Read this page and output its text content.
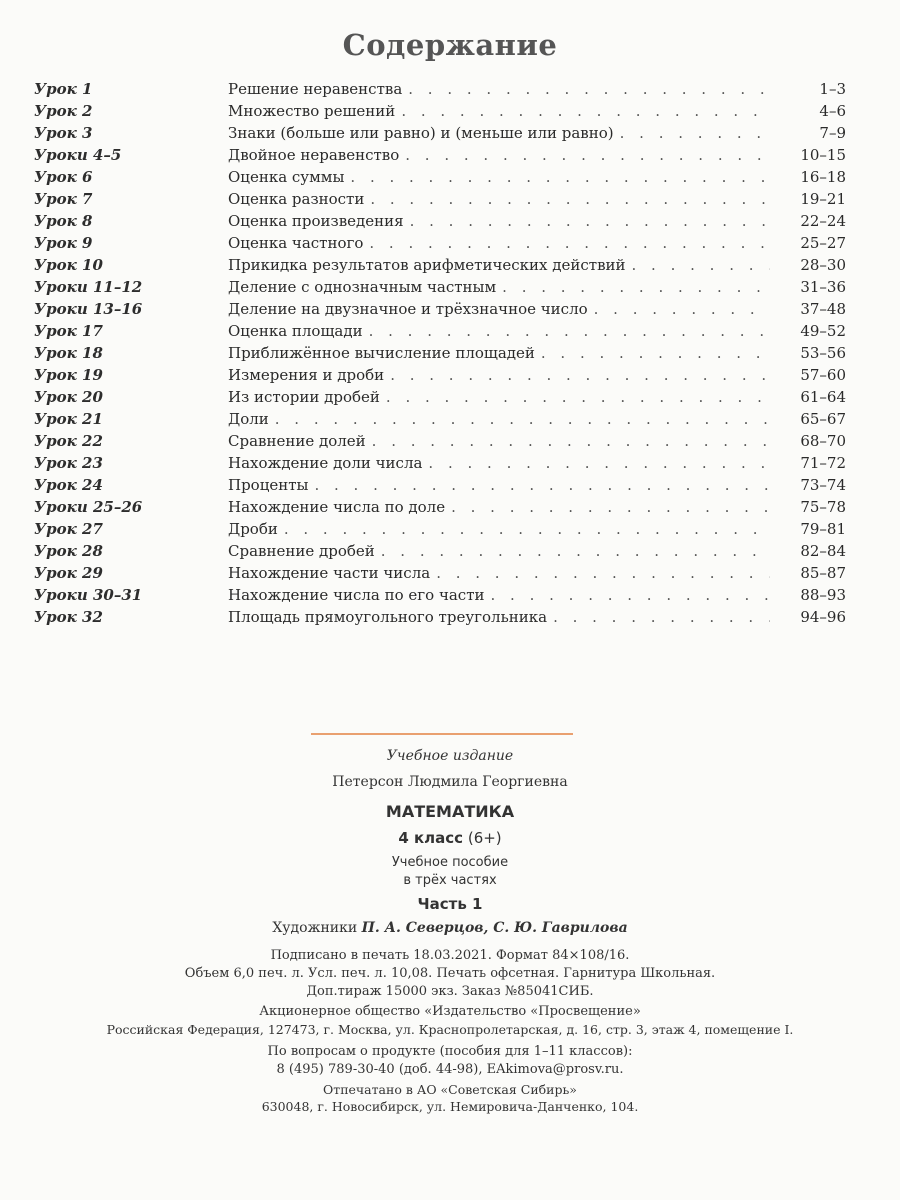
Содержание
Урок 1	Решение неравенства . . .	1–3
Урок 2	Множество решений . . .	4–6
Урок 3	Знаки (больше или равно) и (меньше или равно) . . .	7–9
Уроки 4–5	Двойное неравенство . . .	10–15
Урок 6	Оценка суммы . . .	16–18
Урок 7	Оценка разности . . .	19–21
Урок 8	Оценка произведения . . .	22–24
Урок 9	Оценка частного . . .	25–27
Урок 10	Прикидка результатов арифметических действий . . .	28–30
Уроки 11–12	Деление с однозначным частным . . .	31–36
Уроки 13–16	Деление на двузначное и трёхзначное число . . .	37–48
Урок 17	Оценка площади . . .	49–52
Урок 18	Приближённое вычисление площадей . . .	53–56
Урок 19	Измерения и дроби . . .	57–60
Урок 20	Из истории дробей . . .	61–64
Урок 21	Доли . . .	65–67
Урок 22	Сравнение долей . . .	68–70
Урок 23	Нахождение доли числа . . .	71–72
Урок 24	Проценты . . .	73–74
Уроки 25–26	Нахождение числа по доле . . .	75–78
Урок 27	Дроби . . .	79–81
Урок 28	Сравнение дробей . . .	82–84
Урок 29	Нахождение части числа . . .	85–87
Уроки 30–31	Нахождение числа по его части . . .	88–93
Урок 32	Площадь прямоугольного треугольника . . .	94–96
Учебное издание
Петерсон Людмила Георгиевна
МАТЕМАТИКА
4 класс (6+)
Учебное пособие
в трёх частях
Часть 1
Художники П. А. Северцов, С. Ю. Гаврилова
Подписано в печать 18.03.2021. Формат 84×108/16.
Объем 6,0 печ. л. Усл. печ. л. 10,08. Печать офсетная. Гарнитура Школьная.
Доп.тираж 15000 экз. Заказ №85041СИБ.
Акционерное общество «Издательство «Просвещение»
Российская Федерация, 127473, г. Москва, ул. Краснопролетарская, д. 16, стр. 3, этаж 4, помещение I.
По вопросам о продукте (пособия для 1–11 классов):
8 (495) 789-30-40 (доб. 44-98), EAkimova@prosv.ru.
Отпечатано в АО «Советская Сибирь»
630048, г. Новосибирск, ул. Немировича-Данченко, 104.
